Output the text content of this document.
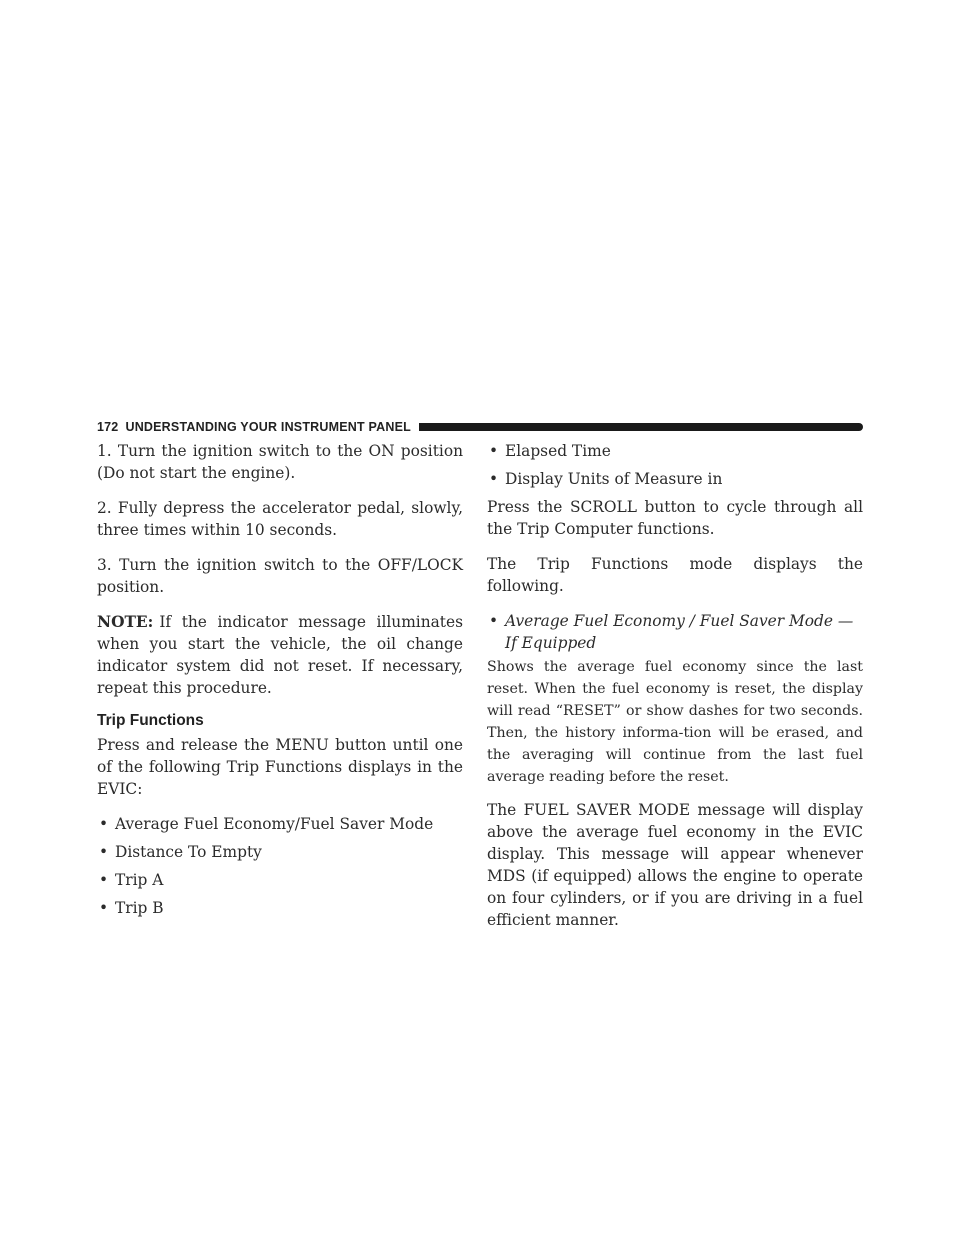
172 UNDERSTANDING YOUR INSTRUMENT PANEL

1. Turn the ignition switch to the ON position (Do not start the engine).

2. Fully depress the accelerator pedal, slowly, three times within 10 seconds.

3. Turn the ignition switch to the OFF/LOCK position.

NOTE: If the indicator message illuminates when you start the vehicle, the oil change indicator system did not reset. If necessary, repeat this procedure.

Trip Functions

Press and release the MENU button until one of the following Trip Functions displays in the EVIC:

• Average Fuel Economy/Fuel Saver Mode
• Distance To Empty
• Trip A
• Trip B
• Elapsed Time
• Display Units of Measure in

Press the SCROLL button to cycle through all the Trip Computer functions.

The Trip Functions mode displays the following.

• Average Fuel Economy / Fuel Saver Mode — If Equipped

Shows the average fuel economy since the last reset. When the fuel economy is reset, the display will read “RESET” or show dashes for two seconds. Then, the history informa-tion will be erased, and the averaging will continue from the last fuel average reading before the reset.

The FUEL SAVER MODE message will display above the average fuel economy in the EVIC display. This message will appear whenever MDS (if equipped) allows the engine to operate on four cylinders, or if you are driving in a fuel efficient manner.
